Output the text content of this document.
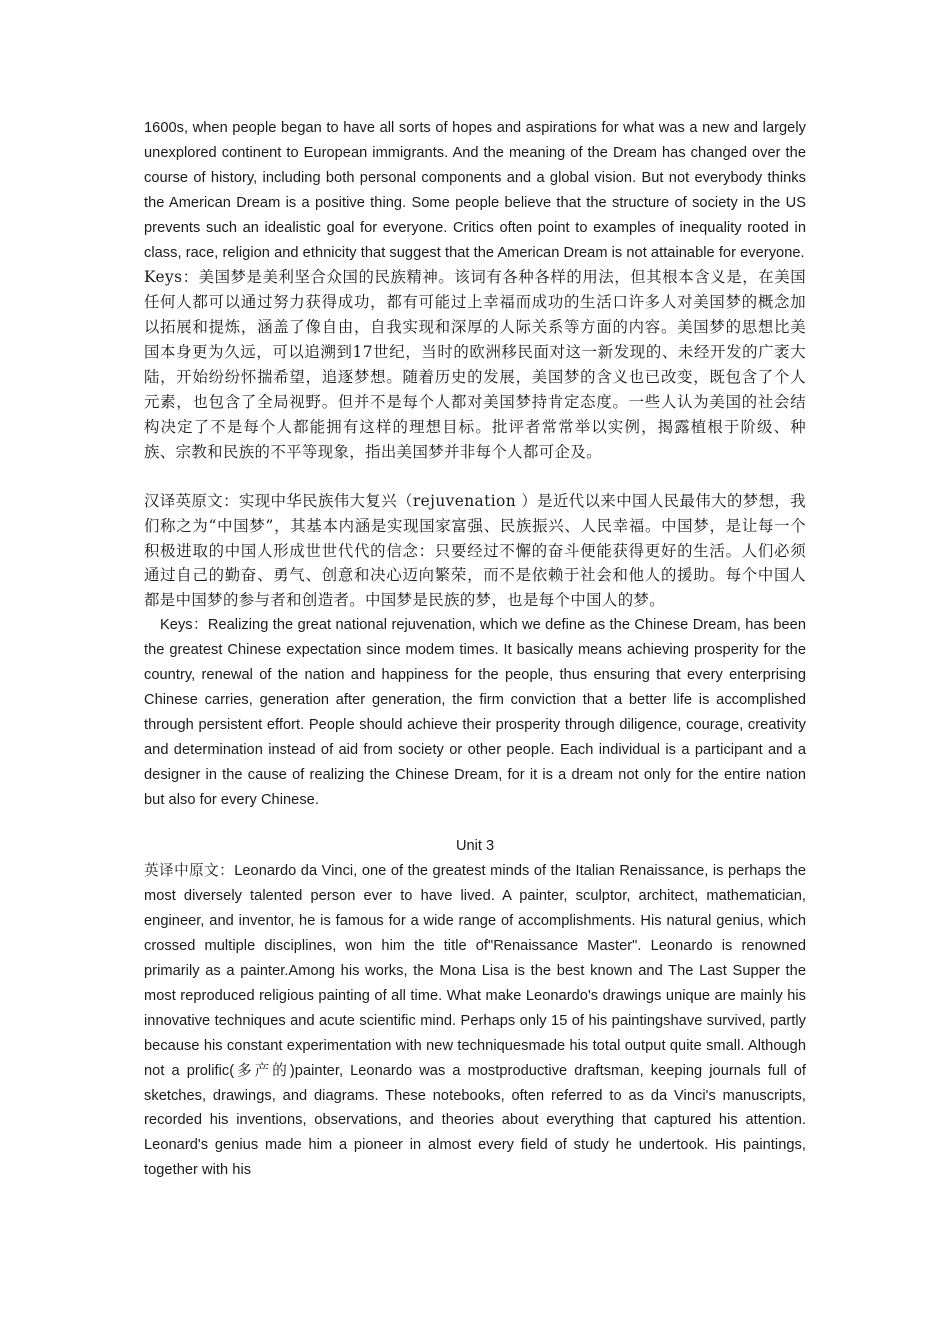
1600s, when people began to have all sorts of hopes and aspirations for what was a new and largely unexplored continent to European immigrants. And the meaning of the Dream has changed over the course of history, including both personal components and a global vision. But not everybody thinks the American Dream is a positive thing. Some people believe that the structure of society in the US prevents such an idealistic goal for everyone. Critics often point to examples of inequality rooted in class, race, religion and ethnicity that suggest that the American Dream is not attainable for everyone.

Keys：美国梦是美利坚合众国的民族精神。该词有各种各样的用法，但其根本含义是，在美国任何人都可以通过努力获得成功，都有可能过上幸福而成功的生活口许多人对美国梦的概念加以拓展和提炼，涵盖了像自由，自我实现和深厚的人际关系等方面的内容。美国梦的思想比美国本身更为久远，可以追溯到17世纪，当时的欧洲移民面对这一新发现的、未经开发的广袤大陆，开始纷纷怀揣希望，追逐梦想。随着历史的发展，美国梦的含义也已改变，既包含了个人元素，也包含了全局视野。但并不是每个人都对美国梦持肯定态度。一些人认为美国的社会结构决定了不是每个人都能拥有这样的理想目标。批评者常常举以实例，揭露植根于阶级、种族、宗教和民族的不平等现象，指出美国梦并非每个人都可企及。

汉译英原文：实现中华民族伟大复兴（rejuvenation ）是近代以来中国人民最伟大的梦想，我们称之为“中国梦”，其基本内涵是实现国家富强、民族振兴、人民幸福。中国梦，是让每一个积极进取的中国人形成世世代代的信念：只要经过不懈的奋斗便能获得更好的生活。人们必须通过自己的勤奋、勇气、创意和决心迈向繁荣，而不是依赖于社会和他人的援助。每个中国人都是中国梦的参与者和创造者。中国梦是民族的梦，也是每个中国人的梦。

Keys：Realizing the great national rejuvenation, which we define as the Chinese Dream, has been the greatest Chinese expectation since modem times. It basically means achieving prosperity for the country, renewal of the nation and happiness for the people, thus ensuring that every enterprising Chinese carries, generation after generation, the firm conviction that a better life is accomplished through persistent effort. People should achieve their prosperity through diligence, courage, creativity and determination instead of aid from society or other people. Each individual is a participant and a designer in the cause of realizing the Chinese Dream, for it is a dream not only for the entire nation but also for every Chinese.

Unit 3

英译中原文：Leonardo da Vinci, one of the greatest minds of the Italian Renaissance, is perhaps the most diversely talented person ever to have lived. A painter, sculptor, architect, mathematician, engineer, and inventor, he is famous for a wide range of accomplishments. His natural genius, which crossed multiple disciplines, won him the title of"Renaissance Master". Leonardo is renowned primarily as a painter.Among his works, the Mona Lisa is the best known and The Last Supper the most reproduced religious painting of all time. What make Leonardo's drawings unique are mainly his innovative techniques and acute scientific mind. Perhaps only 15 of his paintingshave survived, partly because his constant experimentation with new techniquesmade his total output quite small. Although not a prolific(多产的)painter, Leonardo was a mostproductive draftsman, keeping journals full of sketches, drawings, and diagrams. These notebooks, often referred to as da Vinci's manuscripts, recorded his inventions, observations, and theories about everything that captured his attention. Leonard's genius made him a pioneer in almost every field of study he undertook. His paintings, together with his
